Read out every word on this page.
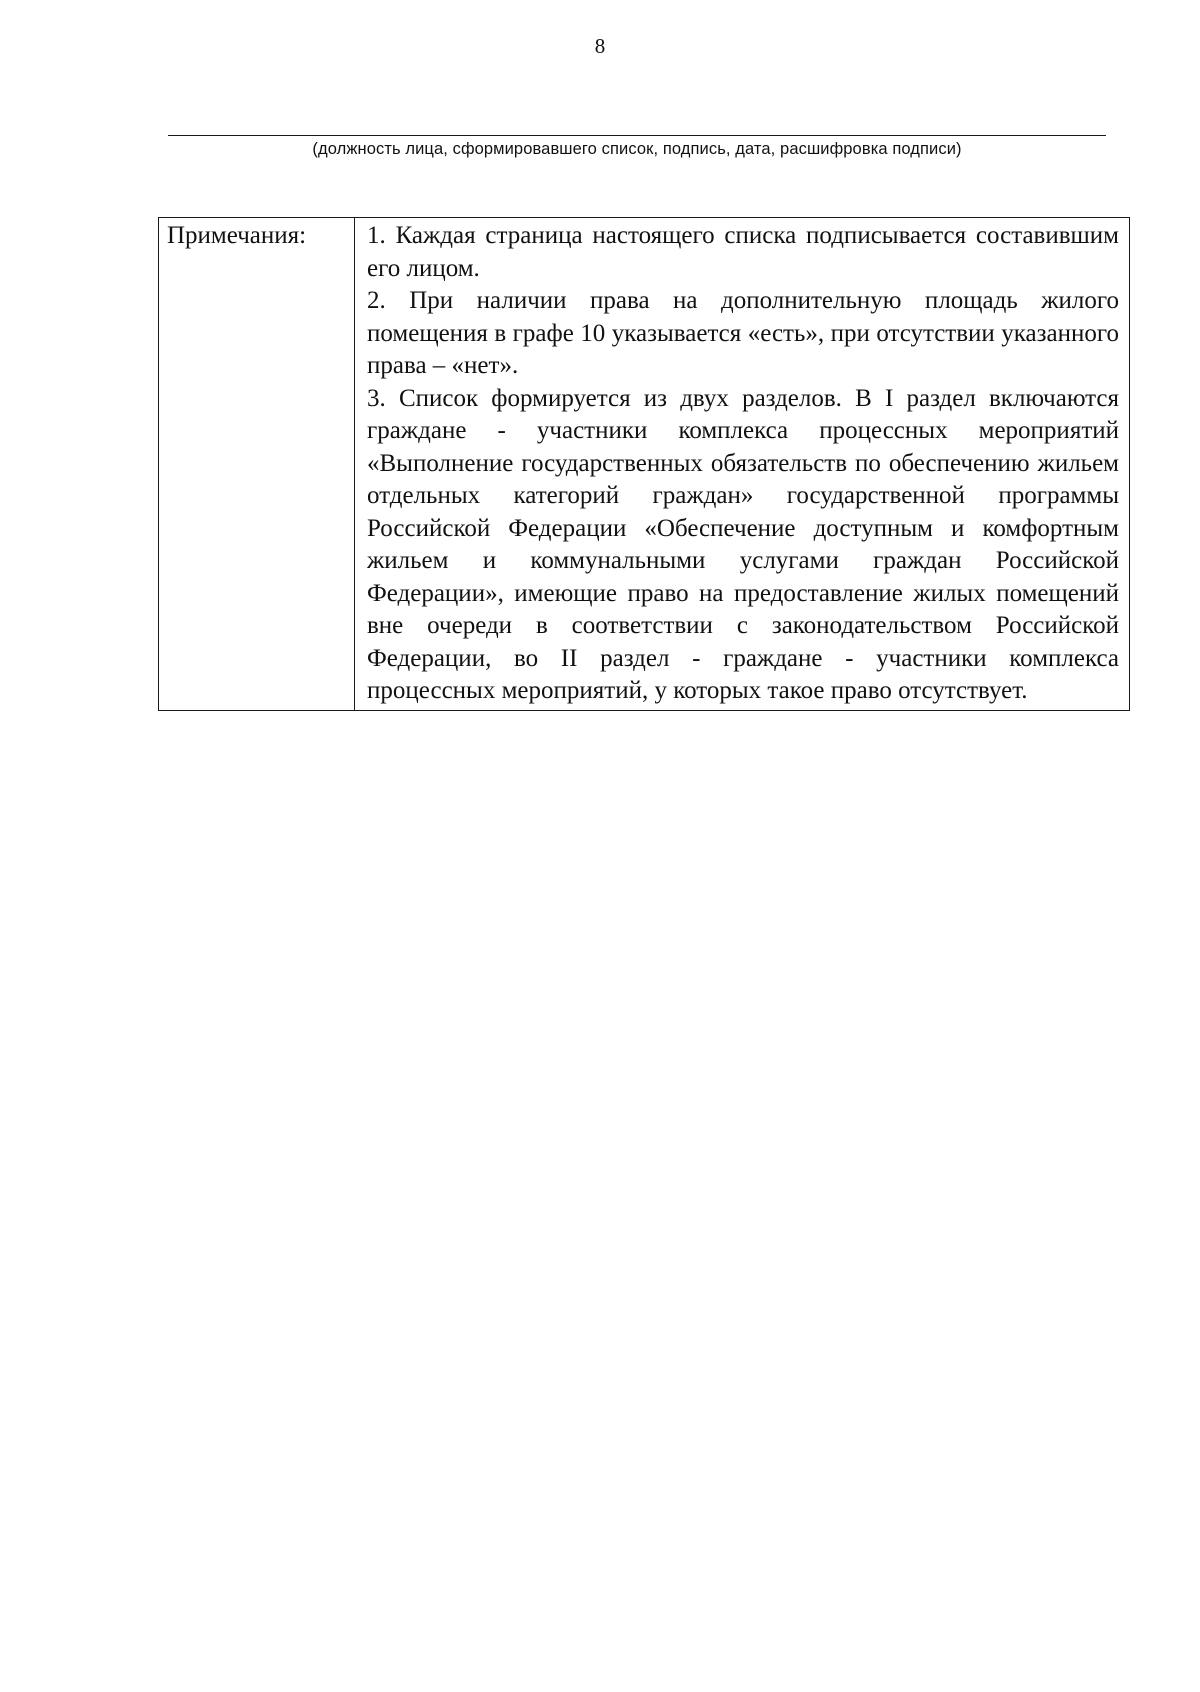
8
(должность лица, сформировавшего список, подпись, дата, расшифровка подписи)
Примечания:	1. Каждая страница настоящего списка подписывается составившим его лицом.

2. При наличии права на дополнительную площадь жилого помещения в графе 10 указывается «есть», при отсутствии указанного права – «нет».

3. Список формируется из двух разделов. В I раздел включаются граждане - участники комплекса процессных мероприятий «Выполнение государственных обязательств по обеспечению жильем отдельных категорий граждан» государственной программы Российской Федерации «Обеспечение доступным и комфортным жильем и коммунальными услугами граждан Российской Федерации», имеющие право на предоставление жилых помещений вне очереди в соответствии с законодательством Российской Федерации, во II раздел - граждане - участники комплекса процессных мероприятий, у которых такое право отсутствует.
